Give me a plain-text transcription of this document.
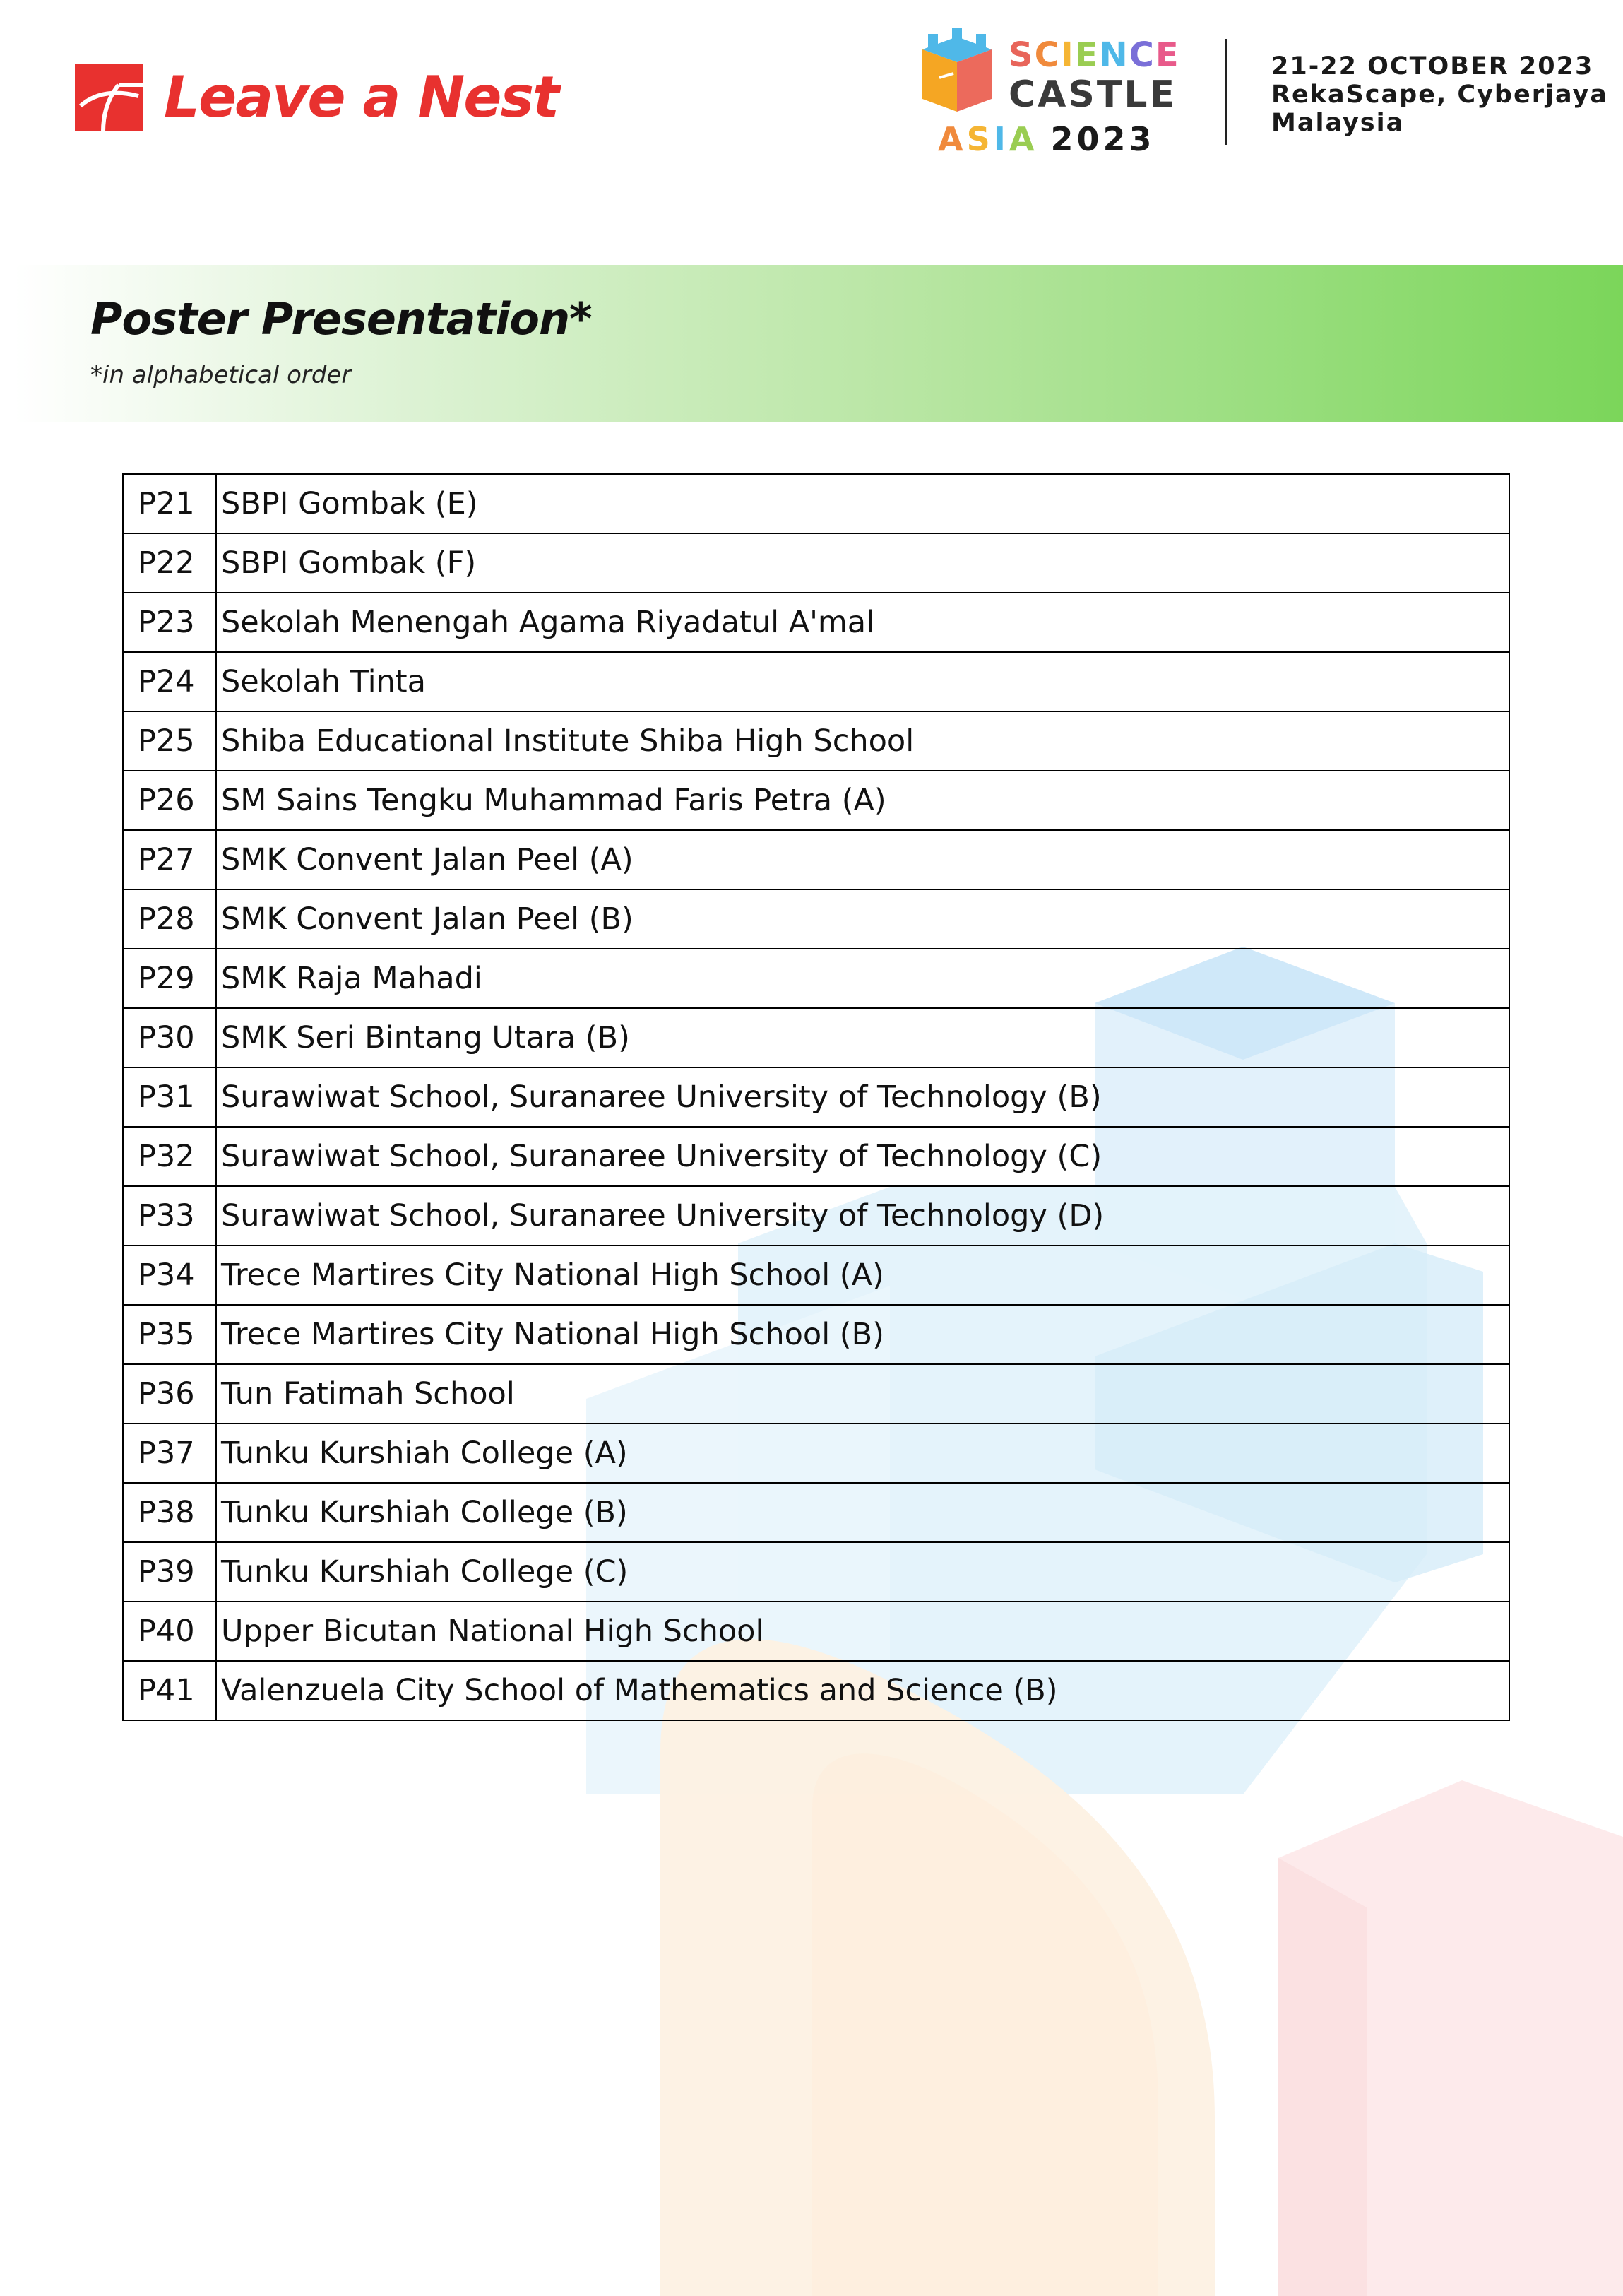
Leave a Nest
SCIENCE
CASTLE
ASIA 2023
21-22 OCTOBER 2023
RekaScape, Cyberjaya
Malaysia
Poster Presentation*
*in alphabetical order
P21	SBPI Gombak (E)
P22	SBPI Gombak (F)
P23	Sekolah Menengah Agama Riyadatul A'mal
P24	Sekolah Tinta
P25	Shiba Educational Institute Shiba High School
P26	SM Sains Tengku Muhammad Faris Petra (A)
P27	SMK Convent Jalan Peel (A)
P28	SMK Convent Jalan Peel (B)
P29	SMK Raja Mahadi
P30	SMK Seri Bintang Utara (B)
P31	Surawiwat School, Suranaree University of Technology (B)
P32	Surawiwat School, Suranaree University of Technology (C)
P33	Surawiwat School, Suranaree University of Technology (D)
P34	Trece Martires City National High School (A)
P35	Trece Martires City National High School (B)
P36	Tun Fatimah School
P37	Tunku Kurshiah College (A)
P38	Tunku Kurshiah College (B)
P39	Tunku Kurshiah College (C)
P40	Upper Bicutan National High School
P41	Valenzuela City School of Mathematics and Science (B)
